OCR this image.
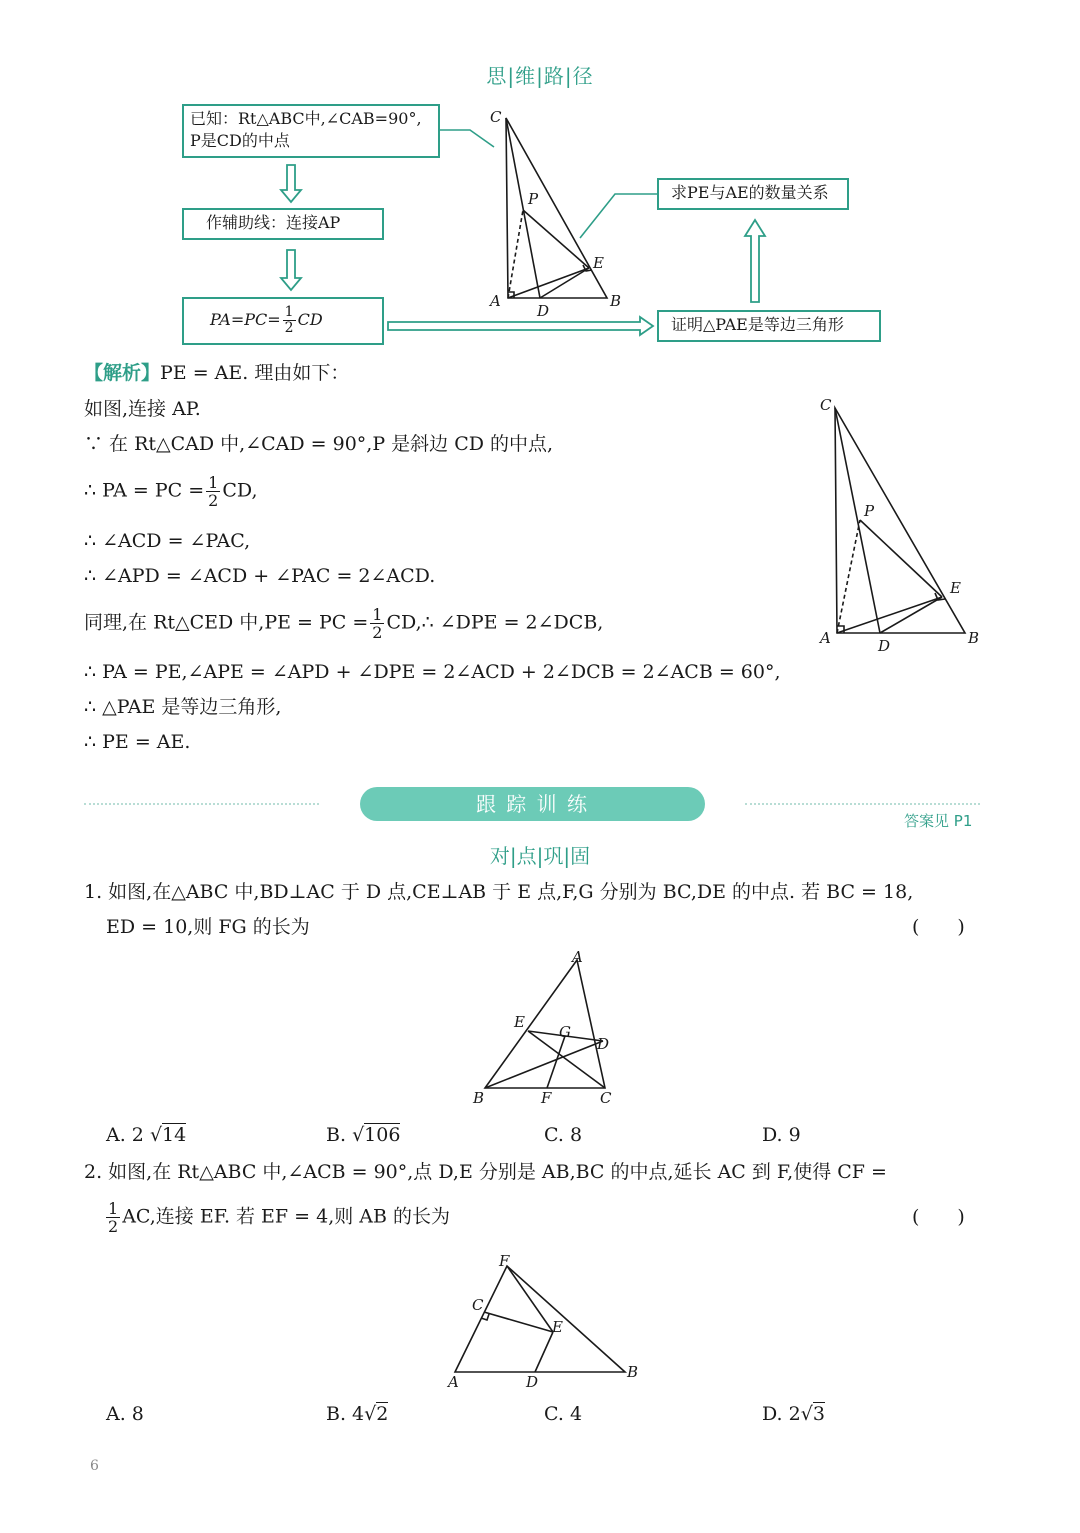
思|维|路|径
已知：Rt△ABC中,∠CAB=90°,
P是CD的中点
作辅助线：连接AP
$PA=PC= \frac{1}{2}$ CD
求PE与AE的数量关系
证明△PAE是等边三角形
C
P
E
A
D
B
【解析】PE = AE. 理由如下：
如图,连接 AP.
∵ 在 Rt△CAD 中,∠CAD = 90°,P 是斜边 CD 的中点,
∴ PA = PC = $\frac{1}{2}$ CD,
∴ ∠ACD = ∠PAC,
∴ ∠APD = ∠ACD + ∠PAC = 2∠ACD.
同理,在 Rt△CED 中,PE = PC = $\frac{1}{2}$ CD,∴ ∠DPE = 2∠DCB,
∴ PA = PE,∠APE = ∠APD + ∠DPE = 2∠ACD + 2∠DCB = 2∠ACB = 60°,
∴ △PAE 是等边三角形,
∴ PE = AE.
C
P
E
A	D	B
跟 踪 训 练
答案见 P1
对|点|巩|固
1. 如图,在△ABC 中,BD⊥AC 于 D 点,CE⊥AB 于 E 点,F,G 分别为 BC,DE 的中点. 若 BC = 18,
ED = 10,则 FG 的长为	(　　)
A
E
G
D
B	F	C
A. 2 √14	B. √106	C. 8	D. 9
2. 如图,在 Rt△ABC 中,∠ACB = 90°,点 D,E 分别是 AB,BC 的中点,延长 AC 到 F,使得 CF =
$\frac{1}{2}$ AC,连接 EF. 若 EF = 4,则 AB 的长为	(　　)
F
C
E
A	D
B
A. 8	B. 4√2	C. 4	D. 2√3
6
